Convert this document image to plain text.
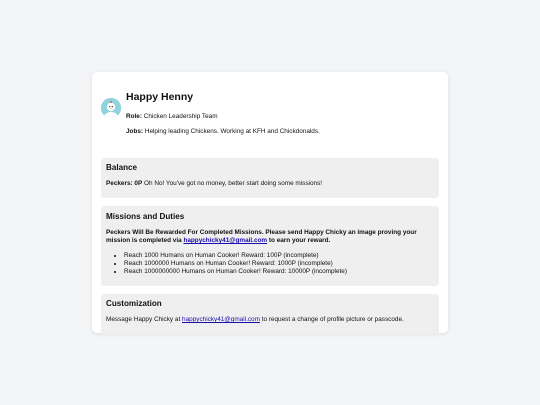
Happy Henny
Role: Chicken Leadership Team
Jobs: Helping leading Chickens. Working at KFH and Chickdonalds.
Balance

Peckers: 0P Oh No! You've got no money, better start doing some missions!

Missions and Duties

Peckers Will Be Rewarded For Completed Missions. Please send Happy Chicky an image proving your mission is completed via happychicky41@gmail.com to earn your reward.

• Reach 1000 Humans on Human Cooker! Reward: 100P (incomplete)
• Reach 1000000 Humans on Human Cooker! Reward: 1000P (incomplete)
• Reach 1000000000 Humans on Human Cooker! Reward: 10000P (incomplete)
Customization

Message Happy Chicky at happychicky41@gmail.com to request a change of profile picture or passcode.
